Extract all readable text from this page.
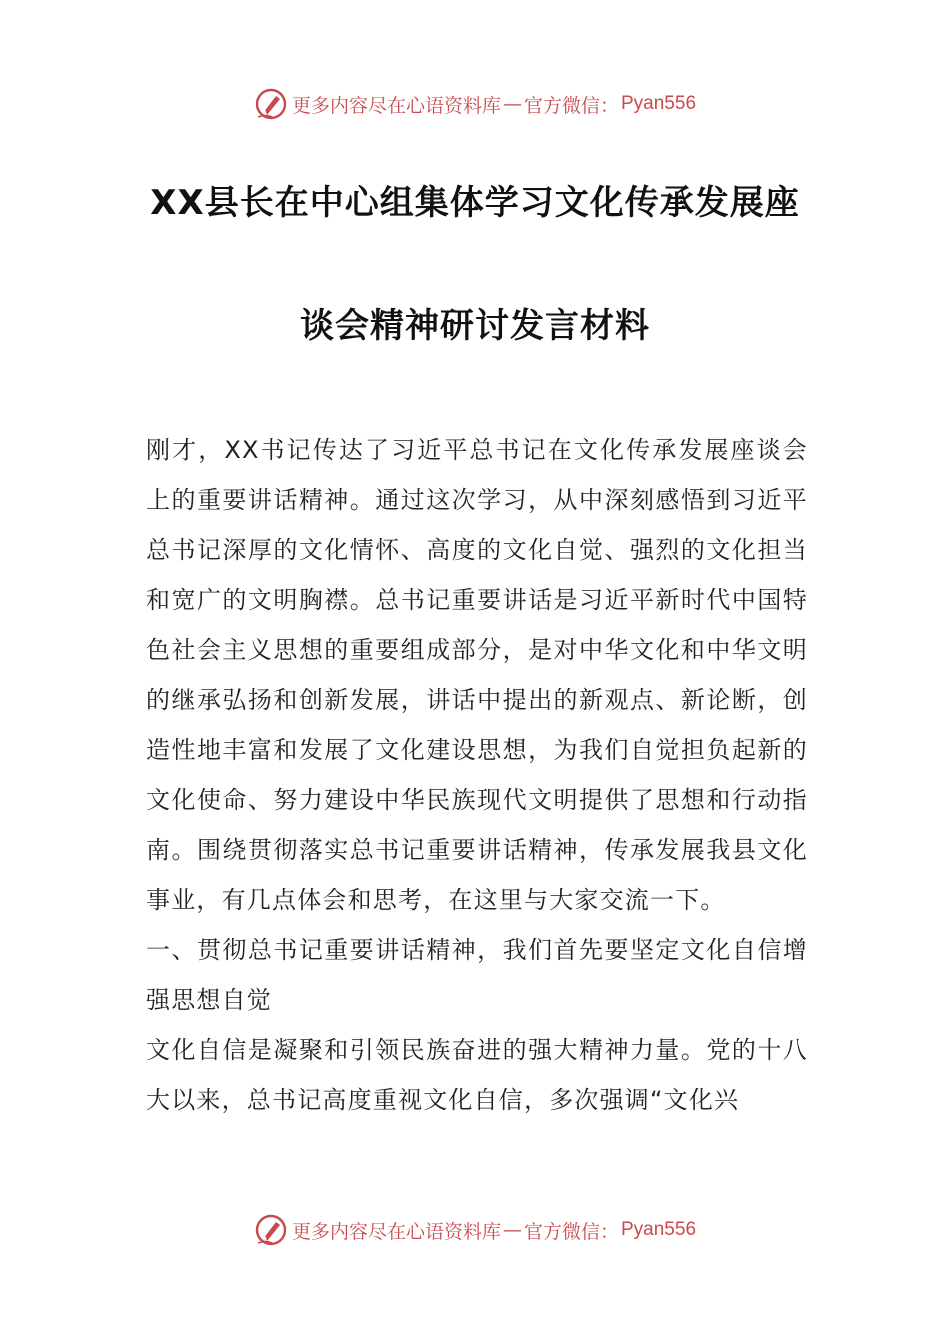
更多内容尽在心语资料库 — 官方微信： Pyan556
XX县长在中心组集体学习文化传承发展座
谈会精神研讨发言材料

刚才，XX书记传达了习近平总书记在文化传承发展座谈会上的重要讲话精神。通过这次学习，从中深刻感悟到习近平总书记深厚的文化情怀、高度的文化自觉、强烈的文化担当和宽广的文明胸襟。总书记重要讲话是习近平新时代中国特色社会主义思想的重要组成部分，是对中华文化和中华文明的继承弘扬和创新发展，讲话中提出的新观点、新论断，创造性地丰富和发展了文化建设思想，为我们自觉担负起新的文化使命、努力建设中华民族现代文明提供了思想和行动指南。围绕贯彻落实总书记重要讲话精神，传承发展我县文化事业，有几点体会和思考，在这里与大家交流一下。

一、贯彻总书记重要讲话精神，我们首先要坚定文化自信增强思想自觉

文化自信是凝聚和引领民族奋进的强大精神力量。党的十八大以来，总书记高度重视文化自信，多次强调“文化兴

更多内容尽在心语资料库 — 官方微信： Pyan556
